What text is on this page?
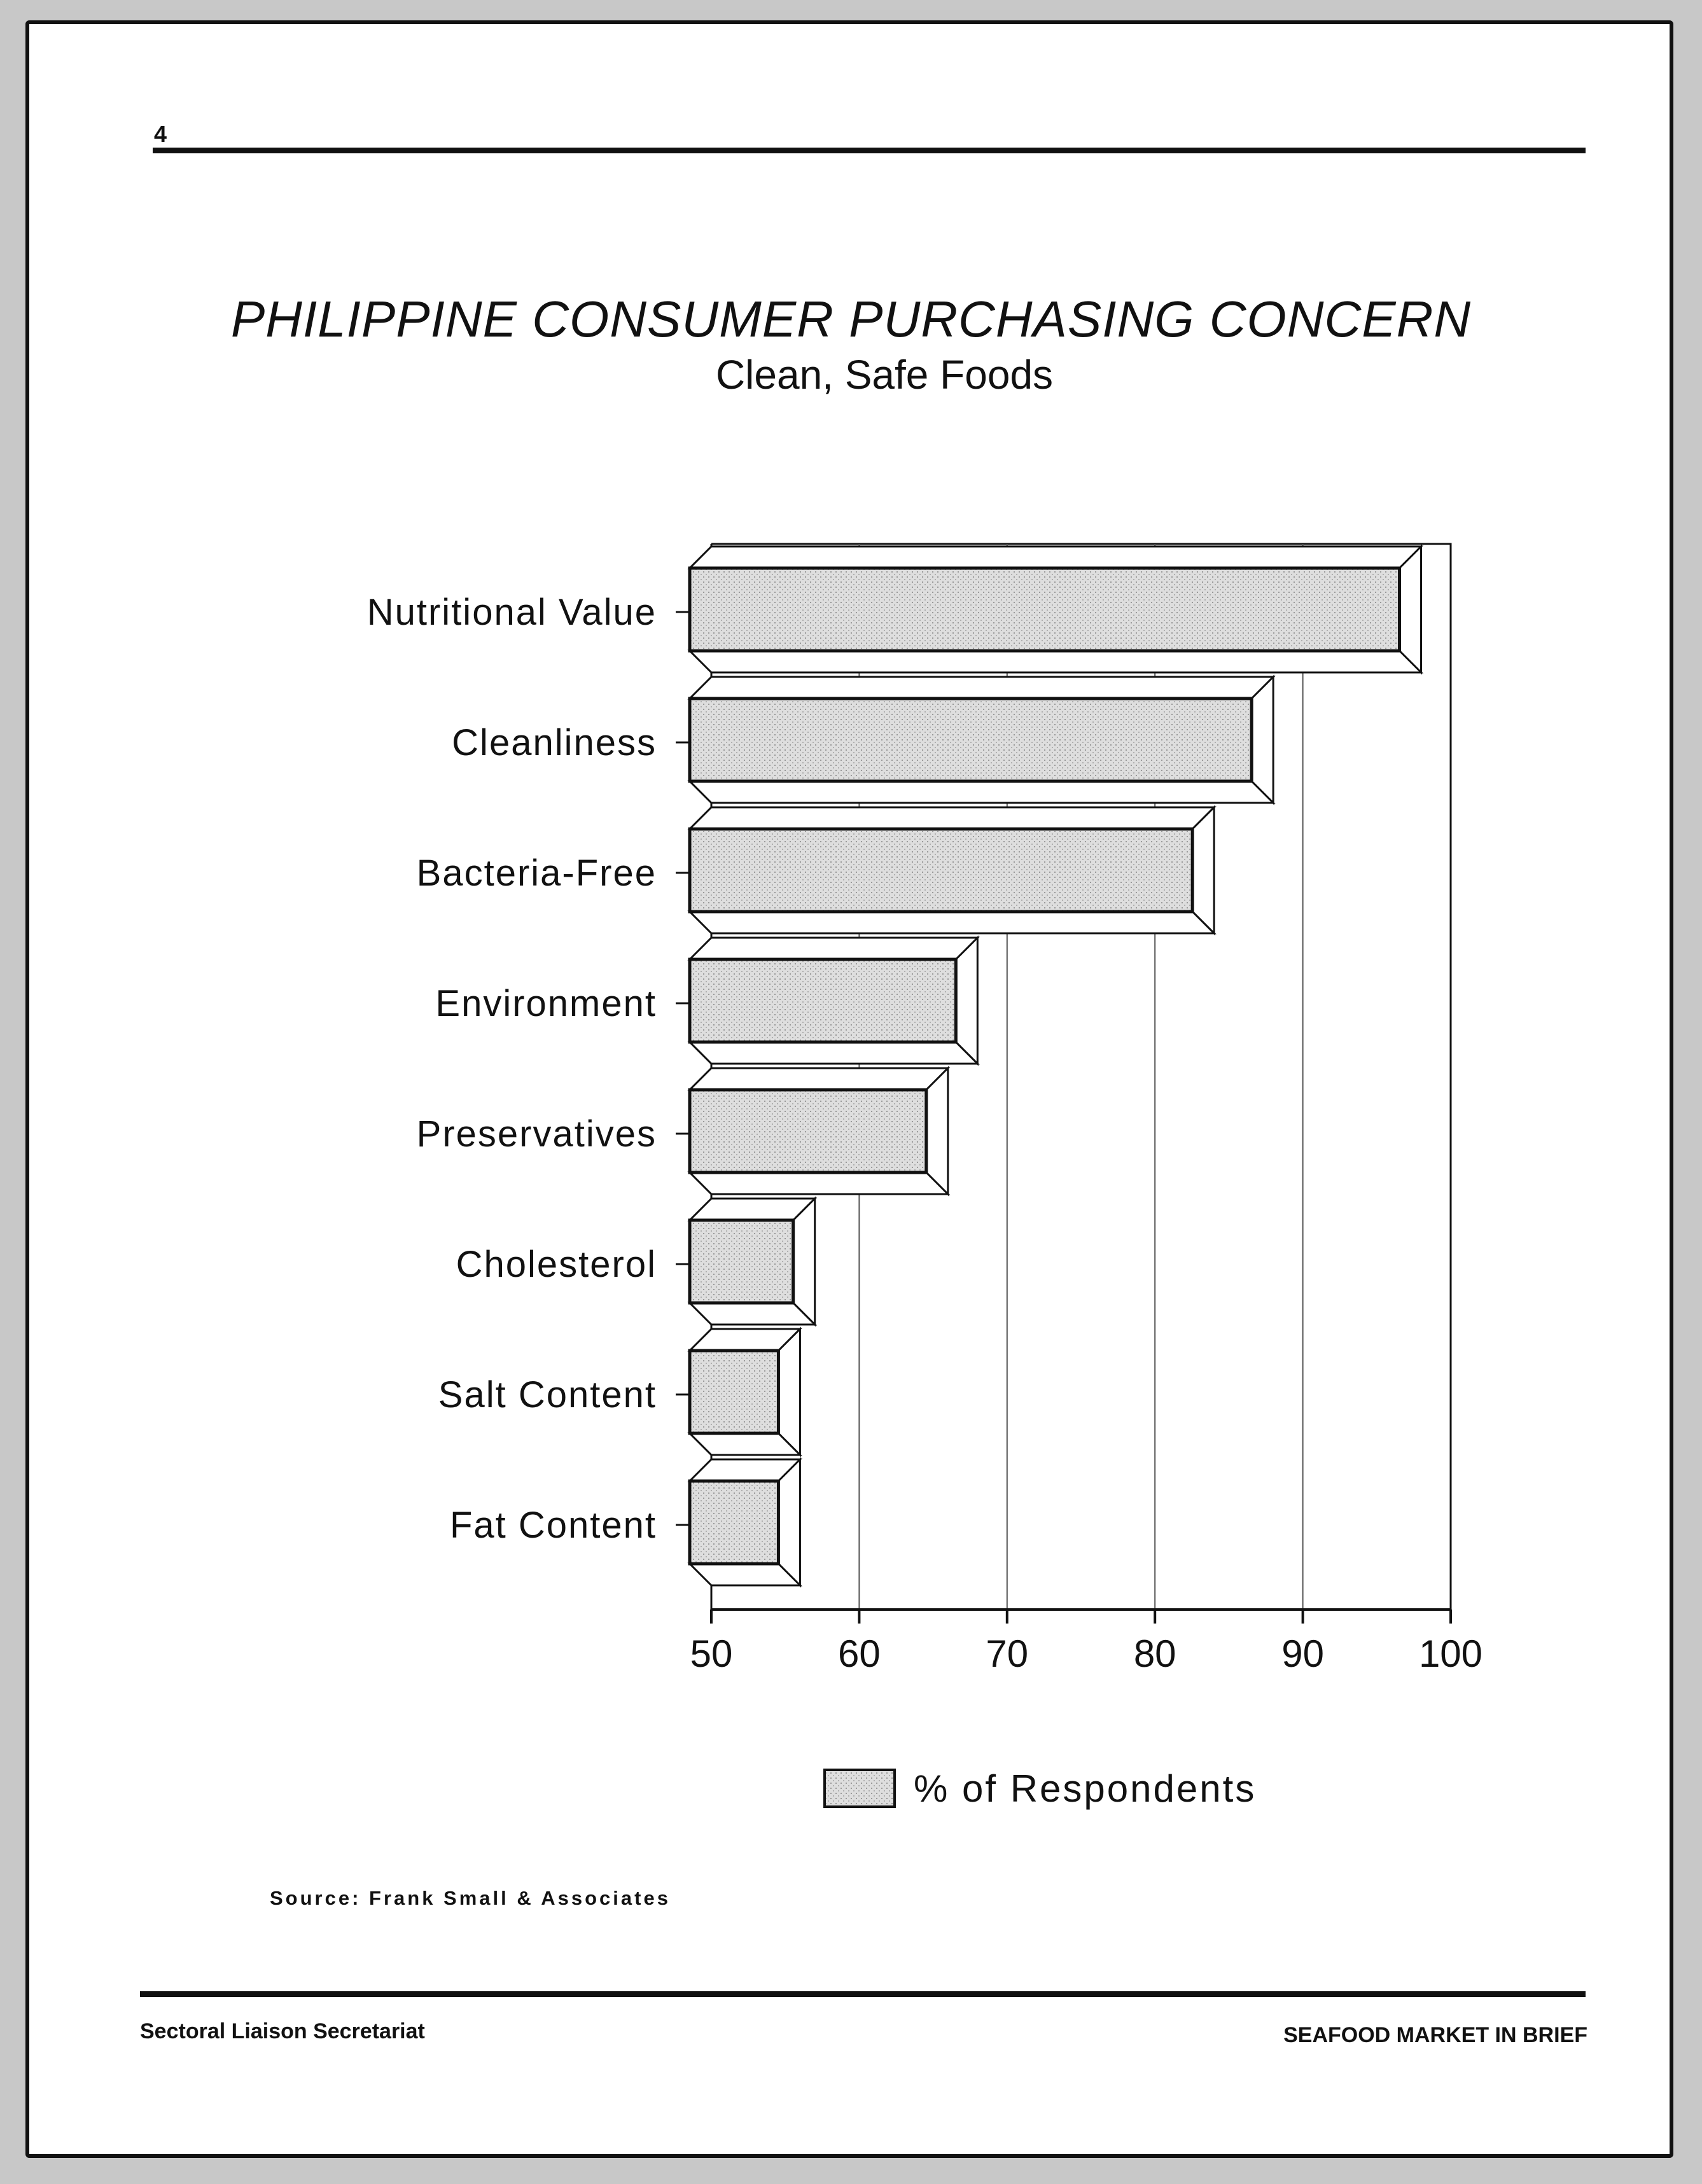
4
PHILIPPINE CONSUMER PURCHASING CONCERN
Clean, Safe Foods
50	60	70	80	90 100
Nutritional Value
Cleanliness
Bacteria-Free
Environment
Preservatives
Cholesterol
Salt Content
Fat Content
% of Respondents
Source: Frank Small & Associates
Sectoral Liaison Secretariat	SEAFOOD MARKET IN BRIEF
